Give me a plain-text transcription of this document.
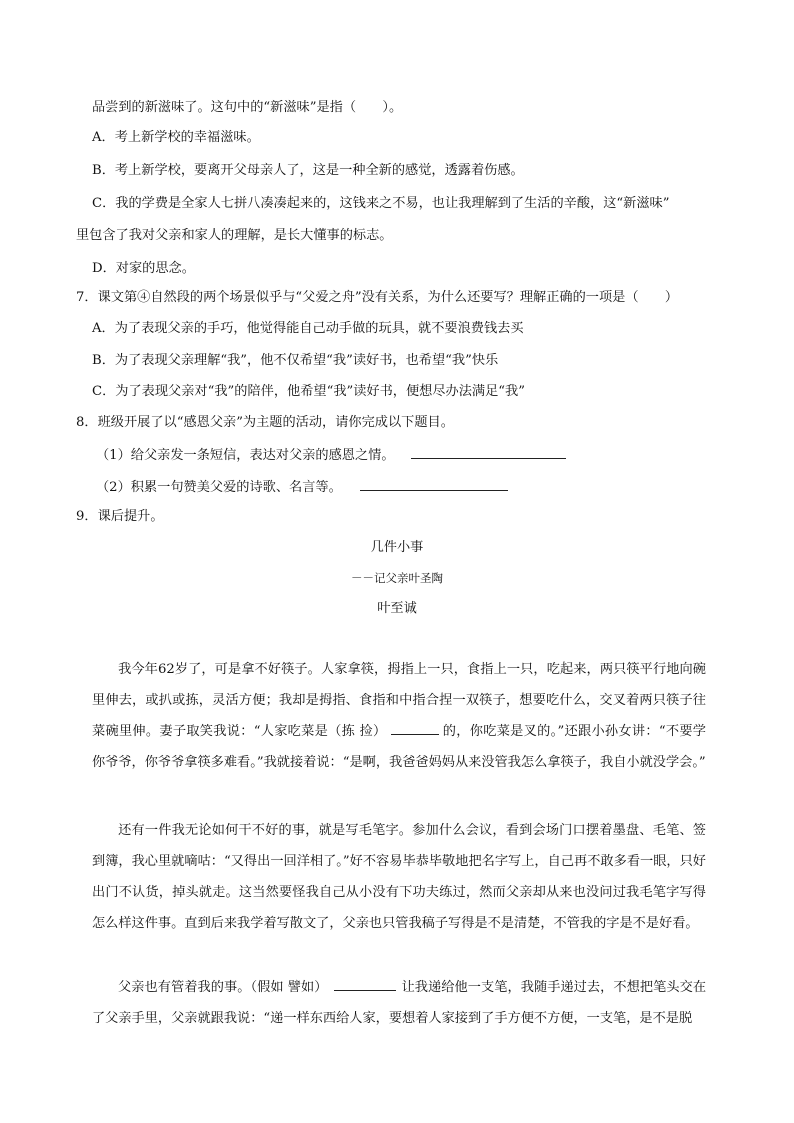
品尝到的新滋味了。这句中的“新滋味”是指（　　）。
A．考上新学校的幸福滋味。
B．考上新学校，要离开父母亲人了，这是一种全新的感觉，透露着伤感。
C．我的学费是全家人七拼八凑凑起来的，这钱来之不易，也让我理解到了生活的辛酸，这“新滋味”
里包含了我对父亲和家人的理解，是长大懂事的标志。
D．对家的思念。
7．课文第④自然段的两个场景似乎与“父爱之舟”没有关系，为什么还要写？理解正确的一项是（　　）
A．为了表现父亲的手巧，他觉得能自己动手做的玩具，就不要浪费钱去买
B．为了表现父亲理解“我”，他不仅希望“我”读好书，也希望“我”快乐
C．为了表现父亲对“我”的陪伴，他希望“我”读好书，便想尽办法满足“我”
8．班级开展了以“感恩父亲”为主题的活动，请你完成以下题目。
（1）给父亲发一条短信，表达对父亲的感恩之情。
（2）积累一句赞美父爱的诗歌、名言等。
9．课后提升。
几件小事
－－记父亲叶圣陶
叶至诚
我今年62岁了，可是拿不好筷子。人家拿筷，拇指上一只，食指上一只，吃起来，两只筷平行地向碗里伸去，或扒或拣，灵活方便；我却是拇指、食指和中指合捏一双筷子，想要吃什么，交叉着两只筷子往菜碗里伸。妻子取笑我说：“人家吃菜是（拣 捡）	的，你吃菜是叉的。”还跟小孙女讲：“不要学你爷爷，你爷爷拿筷多难看。”我就接着说：“是啊，我爸爸妈妈从来没管我怎么拿筷子，我自小就没学会。”
还有一件我无论如何干不好的事，就是写毛笔字。参加什么会议，看到会场门口摆着墨盘、毛笔、签到簿，我心里就嘀咕：“又得出一回洋相了。”好不容易毕恭毕敬地把名字写上，自己再不敢多看一眼，只好出门不认货，掉头就走。这当然要怪我自己从小没有下功夫练过，然而父亲却从来也没问过我毛笔字写得怎么样这件事。直到后来我学着写散文了，父亲也只管我稿子写得是不是清楚，不管我的字是不是好看。
父亲也有管着我的事。（假如 譬如）	让我递给他一支笔，我随手递过去，不想把笔头交在了父亲手里，父亲就跟我说：“递一样东西给人家，要想着人家接到了手方便不方便，一支笔，是不是脱
